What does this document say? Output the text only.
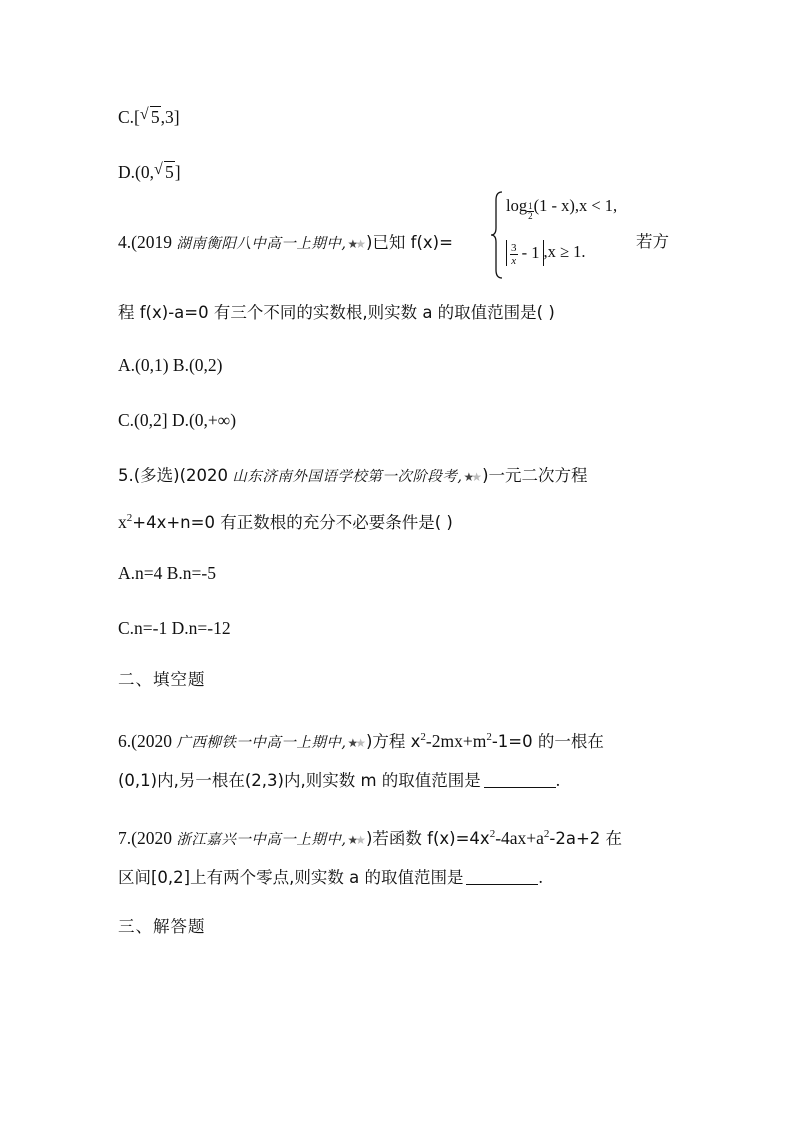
C.[ √ 5,3]
D.(0, √ 5]
4.(2019 湖南衡阳八中高一上期中,★★ )已知 f(x)=
$\log \frac{1}{2} (1 - x),x < 1$,
$\frac{3}{x} - 1$ ,x ≥ 1.
若方
程 f(x)-a=0 有三个不同的实数根,则实数 a 的取值范围是( )
A.(0,1) B.(0,2)
C.(0,2] D.(0,+∞)
5.(多选)(2020 山东济南外国语学校第一次阶段考,★★ )一元二次方程
$x^2+4x+n=0$ 有正数根的充分不必要条件是( )
A.n=4 B.n=-5
C.n=-1 D.n=-12
二、填空题
6.(2020 广西柳铁一中高一上期中,★★ )方程 $x^2-2mx+m^2-1=0$ 的一根在
(0,1)内,另一根在(2,3)内,则实数 m 的取值范围是	.
7.(2020 浙江嘉兴一中高一上期中,★★ )若函数 $f(x)=4x^2-4ax+a^2-2a+2$ 在
区间[0,2]上有两个零点,则实数 a 的取值范围是	.
三、解答题
